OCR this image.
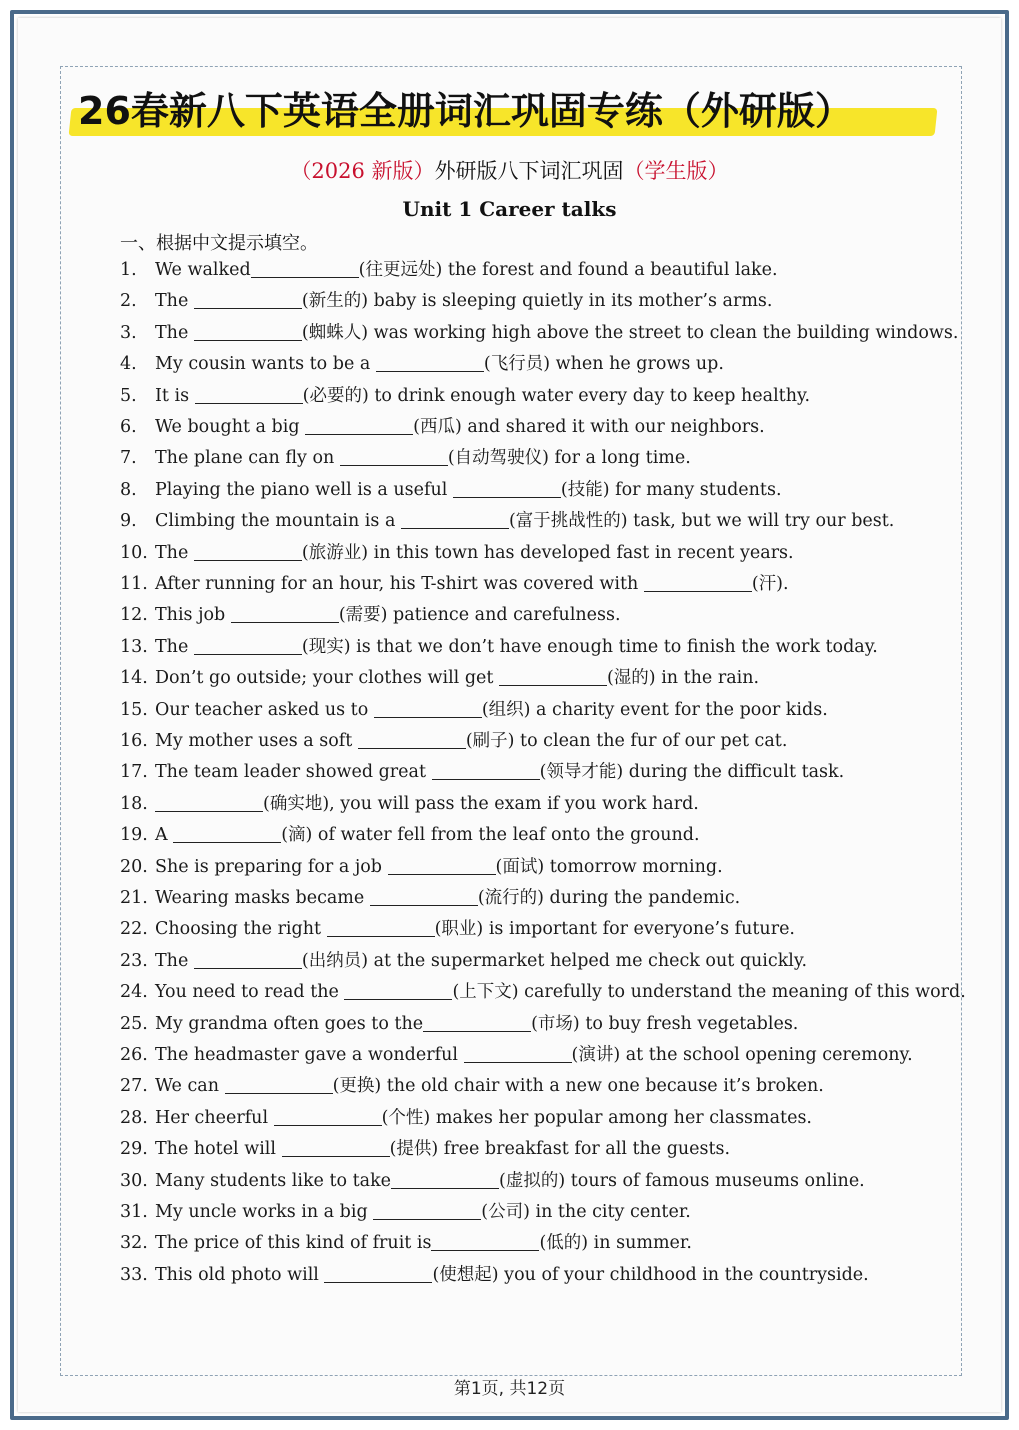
26春新八下英语全册词汇巩固专练（外研版）
（2026 新版）外研版八下词汇巩固（学生版）
Unit 1 Career talks
一、根据中文提示填空。
1.	We walked	(往更远处) the forest and found a beautiful lake.
2.	The	(新生的) baby is sleeping quietly in its mother’s arms.
3.	The	(蜘蛛人) was working high above the street to clean the building windows.
4.	My cousin wants to be a	(飞行员) when he grows up.
5.	It is	(必要的) to drink enough water every day to keep healthy.
6.	We bought a big	(西瓜) and shared it with our neighbors.
7.	The plane can fly on	(自动驾驶仪) for a long time.
8.	Playing the piano well is a useful	(技能) for many students.
9.	Climbing the mountain is a	(富于挑战性的) task, but we will try our best.
10. The	(旅游业) in this town has developed fast in recent years.
11. After running for an hour, his T-shirt was covered with	(汗).
12. This job	(需要) patience and carefulness.
13. The	(现实) is that we don’t have enough time to finish the work today.
14. Don’t go outside; your clothes will get	(湿的) in the rain.
15. Our teacher asked us to	(组织) a charity event for the poor kids.
16. My mother uses a soft	(刷子) to clean the fur of our pet cat.
17. The team leader showed great	(领导才能) during the difficult task.
18.	(确实地), you will pass the exam if you work hard.
19. A	(滴) of water fell from the leaf onto the ground.
20. She is preparing for a job	(面试) tomorrow morning.
21. Wearing masks became	(流行的) during the pandemic.
22. Choosing the right	(职业) is important for everyone’s future.
23. The	(出纳员) at the supermarket helped me check out quickly.
24. You need to read the	(上下文) carefully to understand the meaning of this word.
25. My grandma often goes to the	(市场) to buy fresh vegetables.
26. The headmaster gave a wonderful	(演讲) at the school opening ceremony.
27. We can	(更换) the old chair with a new one because it’s broken.
28. Her cheerful	(个性) makes her popular among her classmates.
29. The hotel will	(提供) free breakfast for all the guests.
30. Many students like to take	(虚拟的) tours of famous museums online.
31. My uncle works in a big	(公司) in the city center.
32. The price of this kind of fruit is	(低的) in summer.
33. This old photo will	(使想起) you of your childhood in the countryside.
第1页, 共12页
